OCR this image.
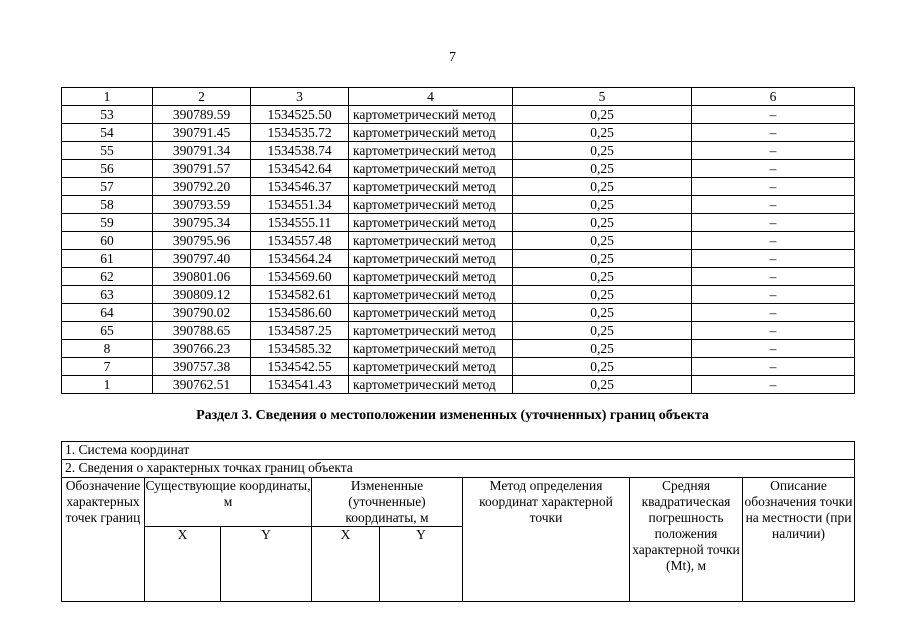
7
1	2	3	4	5	6
53	390789.59	1534525.50	картометрический метод	0,25	–
54	390791.45	1534535.72	картометрический метод	0,25	–
55	390791.34	1534538.74	картометрический метод	0,25	–
56	390791.57	1534542.64	картометрический метод	0,25	–
57	390792.20	1534546.37	картометрический метод	0,25	–
58	390793.59	1534551.34	картометрический метод	0,25	–
59	390795.34	1534555.11	картометрический метод	0,25	–
60	390795.96	1534557.48	картометрический метод	0,25	–
61	390797.40	1534564.24	картометрический метод	0,25	–
62	390801.06	1534569.60	картометрический метод	0,25	–
63	390809.12	1534582.61	картометрический метод	0,25	–
64	390790.02	1534586.60	картометрический метод	0,25	–
65	390788.65	1534587.25	картометрический метод	0,25	–
8	390766.23	1534585.32	картометрический метод	0,25	–
7	390757.38	1534542.55	картометрический метод	0,25	–
1	390762.51	1534541.43	картометрический метод	0,25	–
Раздел 3. Сведения о местоположении измененных (уточненных) границ объекта
1. Система координат							
2. Сведения о характерных точках границ объекта							
Обозначение характерных точек границ	Существующие координаты, м		Измененные (уточненные) координаты, м		Метод определения координат характерной точки	Средняя квадратическая погрешность положения характерной точки (Mt), м	Описание обозначения точки на местности (при наличии)
	X	Y	X	Y			
